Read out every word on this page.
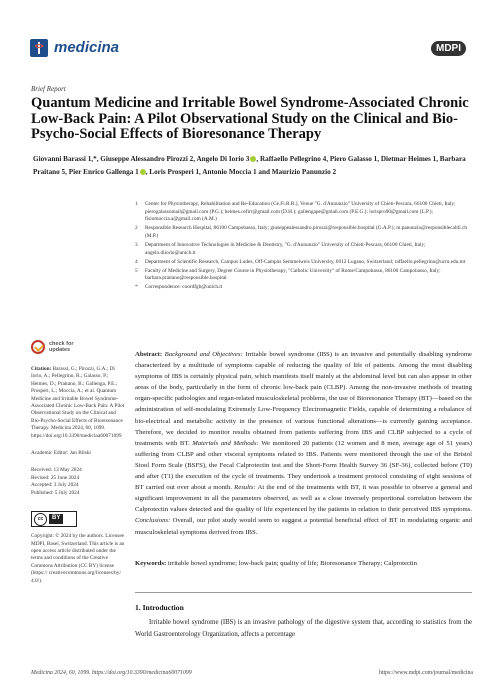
medicina	MDPI
Brief Report
Quantum Medicine and Irritable Bowel Syndrome-Associated Chronic Low-Back Pain: A Pilot Observational Study on the Clinical and Bio-Psycho-Social Effects of Bioresonance Therapy
Giovanni Barassi 1,*, Giuseppe Alessandro Pirozzi 2, Angelo Di Iorio 3 , Raffaello Pellegrino 4, Piero Galasso 1, Dietmar Heimes 1, Barbara Praitano 5, Pier Enrico Gallenga 1 , Loris Prosperi 1, Antonio Moccia 1 and Maurizio Panunzio 2
1	Center for Physiotherapy, Rehabilitation and Re-Education (Ce.Fi.R.R.), Venue "G. d'Annunzio" University of Chieti-Pescara, 66100 Chieti, Italy; pierogalassomail@gmail.com (P.G.); heimes.cefirr@gmail.com (D.H.); gallengape@gmail.com (P.E.G.); lorispro90@gmail.com (L.P.); fisiomoccia.a@gmail.com (A.M.)
2	Responsible Research Hospital, 86100 Campobasso, Italy; giuseppealessandro.pirozzi@responsible.hospital (G.A.P.); m.panunzio@responsiblecaltli.ch (M.P.)
3	Department of Innovative Technologies in Medicine & Dentistry, "G. d'Annunzio" University of Chieti-Pescara, 66100 Chieti, Italy; angelo.diiorio@unich.it
4	Department of Scientific Research, Campus Ludes, Off-Campus Semmelweis University, 6912 Lugano, Switzerland; raffaello.pellegrino@ucm.edu.mt
5	Faculty of Medicine and Surgery, Degree Course in Physiotherapy, "Catholic University" of Rome/Campobasso, 86100 Campobasso, Italy; barbara.praitano@responsible.hospital
*	Correspondence: coordfgb@unich.it
check for
updates
Citation: Barassi, G.; Pirozzi, G.A.; Di Iorio, A.; Pellegrino, R.; Galasso, P.; Heimes, D.; Praitano, B.; Gallenga, P.E.; Prosperi, L.; Moccia, A.; et al. Quantum Medicine and Irritable Bowel Syndrome-Associated Chronic Low-Back Pain: A Pilot Observational Study on the Clinical and Bio-Psycho-Social Effects of Bioresonance Therapy. Medicina 2024, 60, 1099. https://doi.org/10.3390/medicina60071099
Academic Editor: Jan Bilski
Received: 13 May 2024
Revised: 25 June 2024
Accepted: 3 July 2024
Published: 5 July 2024
cc	BY
Copyright: © 2024 by the authors. Licensee MDPI, Basel, Switzerland. This article is an open access article distributed under the terms and conditions of the Creative Commons Attribution (CC BY) license (https:// creativecommons.org/licenses/by/ 4.0/).
Abstract: Background and Objectives: Irritable bowel syndrome (IBS) is an invasive and potentially disabling syndrome characterized by a multitude of symptoms capable of reducing the quality of life of patients. Among the most disabling symptoms of IBS is certainly physical pain, which manifests itself mainly at the abdominal level but can also appear in other areas of the body, particularly in the form of chronic low-back pain (CLBP). Among the non-invasive methods of treating organ-specific pathologies and organ-related musculoskeletal problems, the use of Bioresonance Therapy (BT)—based on the administration of self-modulating Extremely Low-Frequency Electromagnetic Fields, capable of determining a rebalance of bio-electrical and metabolic activity in the presence of various functional alterations—is currently gaining acceptance. Therefore, we decided to monitor results obtained from patients suffering from IBS and CLBP subjected to a cycle of treatments with BT. Materials and Methods: We monitored 20 patients (12 women and 8 men, average age of 51 years) suffering from CLBP and other visceral symptoms related to IBS. Patients were monitored through the use of the Bristol Stool Form Scale (BSFS), the Fecal Calprotectin test and the Short-Form Health Survey 36 (SF-36), collected before (T0) and after (T1) the execution of the cycle of treatments. They undertook a treatment protocol consisting of eight sessions of BT carried out over about a month. Results: At the end of the treatments with BT, it was possible to observe a general and significant improvement in all the parameters observed, as well as a close inversely proportional correlation between the Calprotectin values detected and the quality of life experienced by the patients in relation to their perceived IBS symptoms. Conclusions: Overall, our pilot study would seem to suggest a potential beneficial effect of BT in modulating organic and musculoskeletal symptoms derived from IBS.
Keywords: irritable bowel syndrome; low-back pain; quality of life; Bioresonance Therapy; Calprotectin
1. Introduction
Irritable bowel syndrome (IBS) is an invasive pathology of the digestive system that, according to statistics from the World Gastroenterology Organization, affects a percentage
Medicina 2024, 60, 1099. https://doi.org/10.3390/medicina60071099	https://www.mdpi.com/journal/medicina
